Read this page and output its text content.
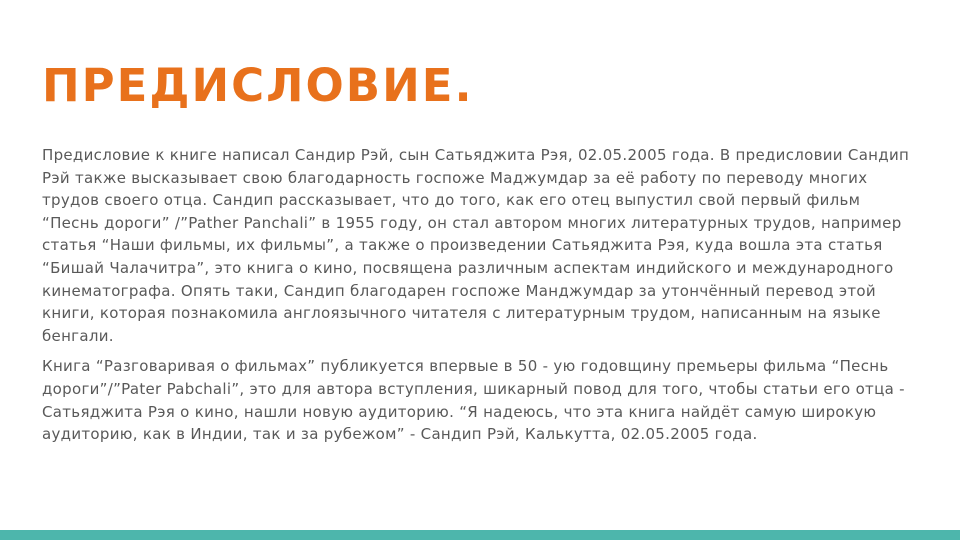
ПРЕДИСЛОВИЕ.

Предисловие к книге написал Сандир Рэй, сын Сатьяджита Рэя, 02.05.2005 года. В предисловии Сандип Рэй также высказывает свою благодарность госпоже Маджумдар за её работу по переводу многих трудов своего отца. Сандип рассказывает, что до того, как его отец выпустил свой первый фильм “Песнь дороги” /”Pather Panchali” в 1955 году, он стал автором многих литературных трудов, например статья “Наши фильмы, их фильмы”, а также о произведении Сатьяджита Рэя, куда вошла эта статья “Бишай Чалачитра”, это книга о кино, посвящена различным аспектам индийского и международного кинематографа. Опять таки, Сандип благодарен госпоже Манджумдар за утончённый перевод этой книги, которая познакомила англоязычного читателя с литературным трудом, написанным на языке бенгали.

Книга “Разговаривая о фильмах” публикуется впервые в 50 - ую годовщину премьеры фильма “Песнь дороги”/”Pater Pabchali”, это для автора вступления, шикарный повод для того, чтобы статьи его отца - Сатьяджита Рэя о кино, нашли новую аудиторию. “Я надеюсь, что эта книга найдёт самую широкую аудиторию, как в Индии, так и за рубежом” - Сандип Рэй, Калькутта, 02.05.2005 года.
